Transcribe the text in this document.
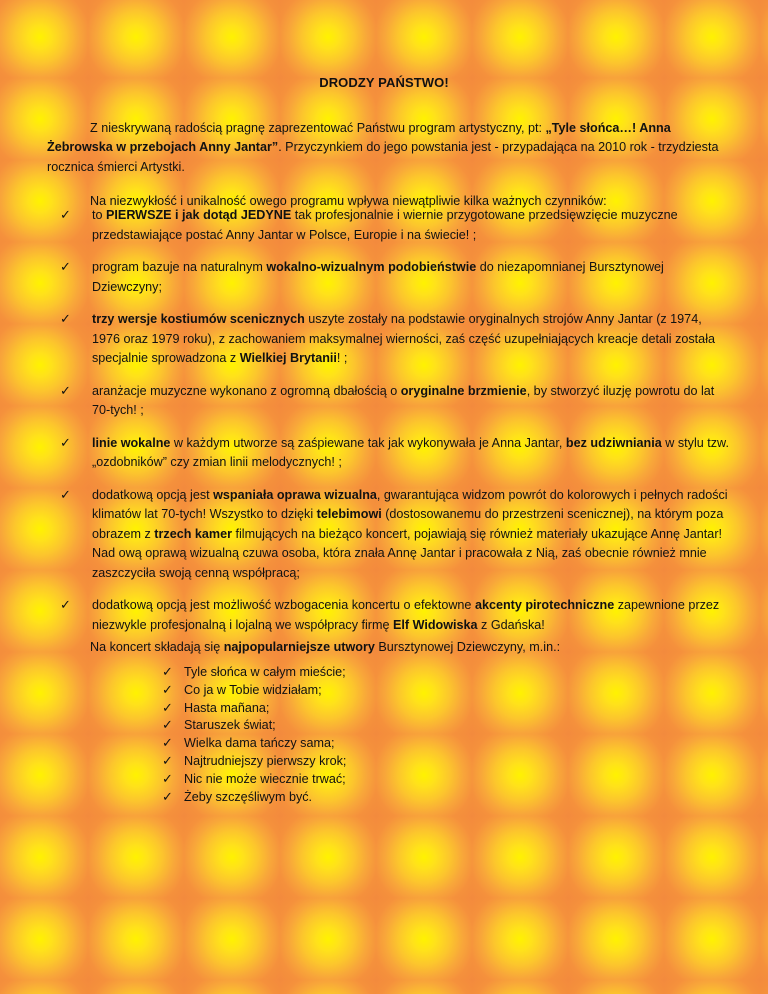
DRODZY PAŃSTWO!

Z nieskrywaną radością pragnę zaprezentować Państwu program artystyczny, pt: „Tyle słońca…! Anna Żebrowska w przebojach Anny Jantar”. Przyczynkiem do jego powstania jest - przypadająca na 2010 rok - trzydziesta rocznica śmierci Artystki.

Na niezwykłość i unikalność owego programu wpływa niewątpliwie kilka ważnych czynników:

✓ to PIERWSZE i jak dotąd JEDYNE tak profesjonalnie i wiernie przygotowane przedsięwzięcie muzyczne przedstawiające postać Anny Jantar w Polsce, Europie i na świecie! ;
✓ program bazuje na naturalnym wokalno-wizualnym podobieństwie do niezapomnianej Bursztynowej Dziewczyny;
✓ trzy wersje kostiumów scenicznych uszyte zostały na podstawie oryginalnych strojów Anny Jantar (z 1974, 1976 oraz 1979 roku), z zachowaniem maksymalnej wierności, zaś część uzupełniających kreacje detali została specjalnie sprowadzona z Wielkiej Brytanii! ;
✓ aranżacje muzyczne wykonano z ogromną dbałością o oryginalne brzmienie, by stworzyć iluzję powrotu do lat 70-tych! ;
✓ linie wokalne w każdym utworze są zaśpiewane tak jak wykonywała je Anna Jantar, bez udziwniania w stylu tzw. „ozdobników” czy zmian linii melodycznych! ;
✓ dodatkową opcją jest wspaniała oprawa wizualna, gwarantująca widzom powrót do kolorowych i pełnych radości klimatów lat 70-tych! Wszystko to dzięki telebimowi (dostosowanemu do przestrzeni scenicznej), na którym poza obrazem z trzech kamer filmujących na bieżąco koncert, pojawiają się również materiały ukazujące Annę Jantar! Nad ową oprawą wizualną czuwa osoba, która znała Annę Jantar i pracowała z Nią, zaś obecnie również mnie zaszczyciła swoją cenną współpracą;
✓ dodatkową opcją jest możliwość wzbogacenia koncertu o efektowne akcenty pirotechniczne zapewnione przez niezwykle profesjonalną i lojalną we współpracy firmę Elf Widowiska z Gdańska!

Na koncert składają się najpopularniejsze utwory Bursztynowej Dziewczyny, m.in.:

✓ Tyle słońca w całym mieście;
✓ Co ja w Tobie widziałam;
✓ Hasta mañana;
✓ Staruszek świat;
✓ Wielka dama tańczy sama;
✓ Najtrudniejszy pierwszy krok;
✓ Nic nie może wiecznie trwać;
✓ Żeby szczęśliwym być.
